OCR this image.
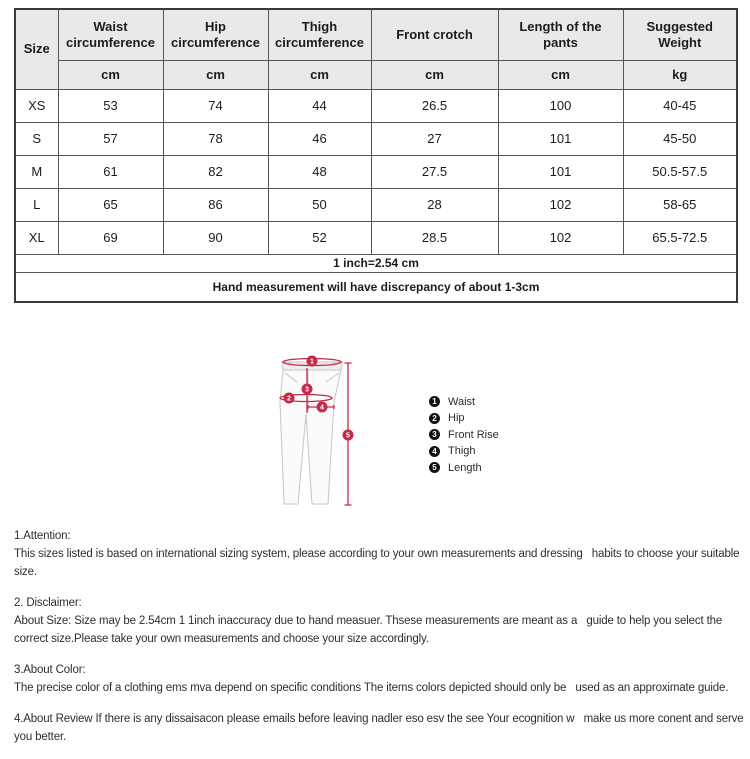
Size	Waist circumference	Hip circumference	Thigh circumference	Front crotch	Length of the pants	Suggested Weight
	cm	cm	cm	cm	cm	kg
XS	53	74	44	26.5	100	40-45
S	57	78	46	27	101	45-50
M	61	82	48	27.5	101	50.5-57.5
L	65	86	50	28	102	58-65
XL	69	90	52	28.5	102	65.5-72.5
1 inch=2.54 cm						
Hand measurement will have discrepancy of about 1-3cm						
1
2
3
4
5
1 Waist
2 Hip
3 Front Rise
4 Thigh
5 Length
1.Attention:
This sizes listed is based on international sizing system, please according to your own measurements and dressing   habits to choose your suitable size.
2. Disclaimer:
About Size: Size may be 2.54cm 1 1inch inaccuracy due to hand measuer. Thsese measurements are meant as a   guide to help you select the correct size.Please take your own measurements and choose your size accordingly.
3.About Color:
The precise color of a clothing ems mva depend on specific conditions The items colors depicted should only be   used as an approximate guide.
4.About Review If there is any dissaisacon please emails before leaving nadler eso esv the see Your ecognition w   make us more conent and serve you better.
